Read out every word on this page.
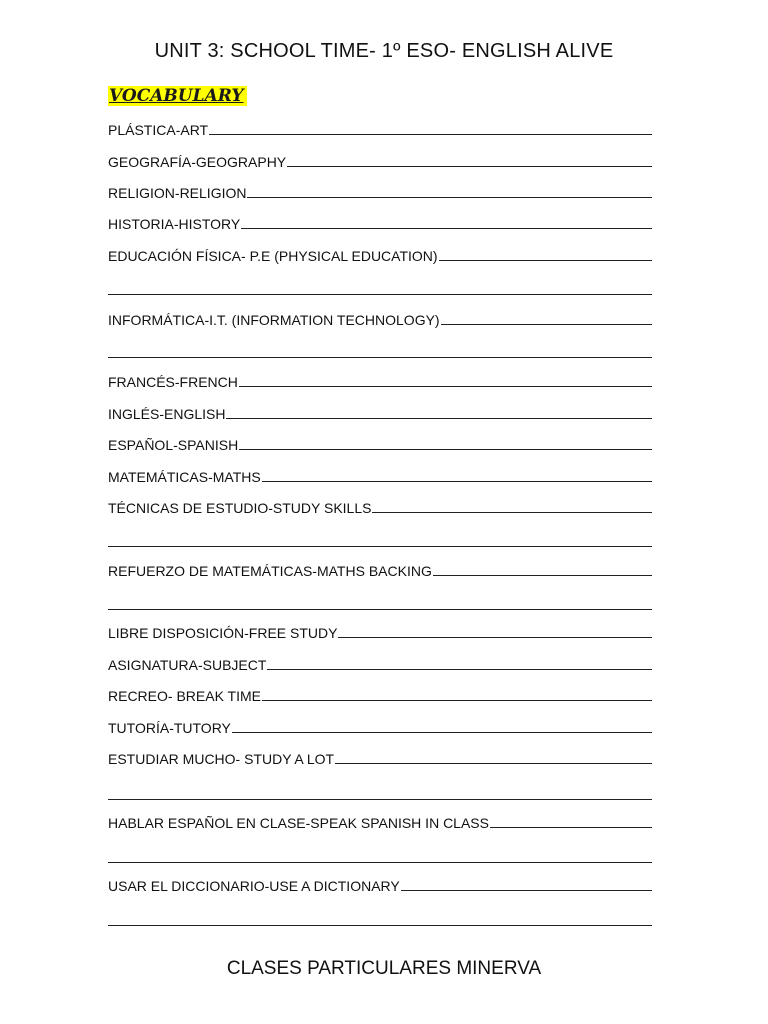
UNIT 3: SCHOOL TIME- 1º ESO- ENGLISH ALIVE
VOCABULARY
PLÁSTICA-ART
GEOGRAFÍA-GEOGRAPHY
RELIGION-RELIGION
HISTORIA-HISTORY
EDUCACIÓN FÍSICA- P.E (PHYSICAL EDUCATION)
INFORMÁTICA-I.T. (INFORMATION TECHNOLOGY)
FRANCÉS-FRENCH
INGLÉS-ENGLISH
ESPAÑOL-SPANISH
MATEMÁTICAS-MATHS
TÉCNICAS DE ESTUDIO-STUDY SKILLS
REFUERZO DE MATEMÁTICAS-MATHS BACKING
LIBRE DISPOSICIÓN-FREE STUDY
ASIGNATURA-SUBJECT
RECREO- BREAK TIME
TUTORÍA-TUTORY
ESTUDIAR MUCHO- STUDY A LOT
HABLAR ESPAÑOL EN CLASE-SPEAK SPANISH IN CLASS
USAR EL DICCIONARIO-USE A DICTIONARY
CLASES PARTICULARES MINERVA
